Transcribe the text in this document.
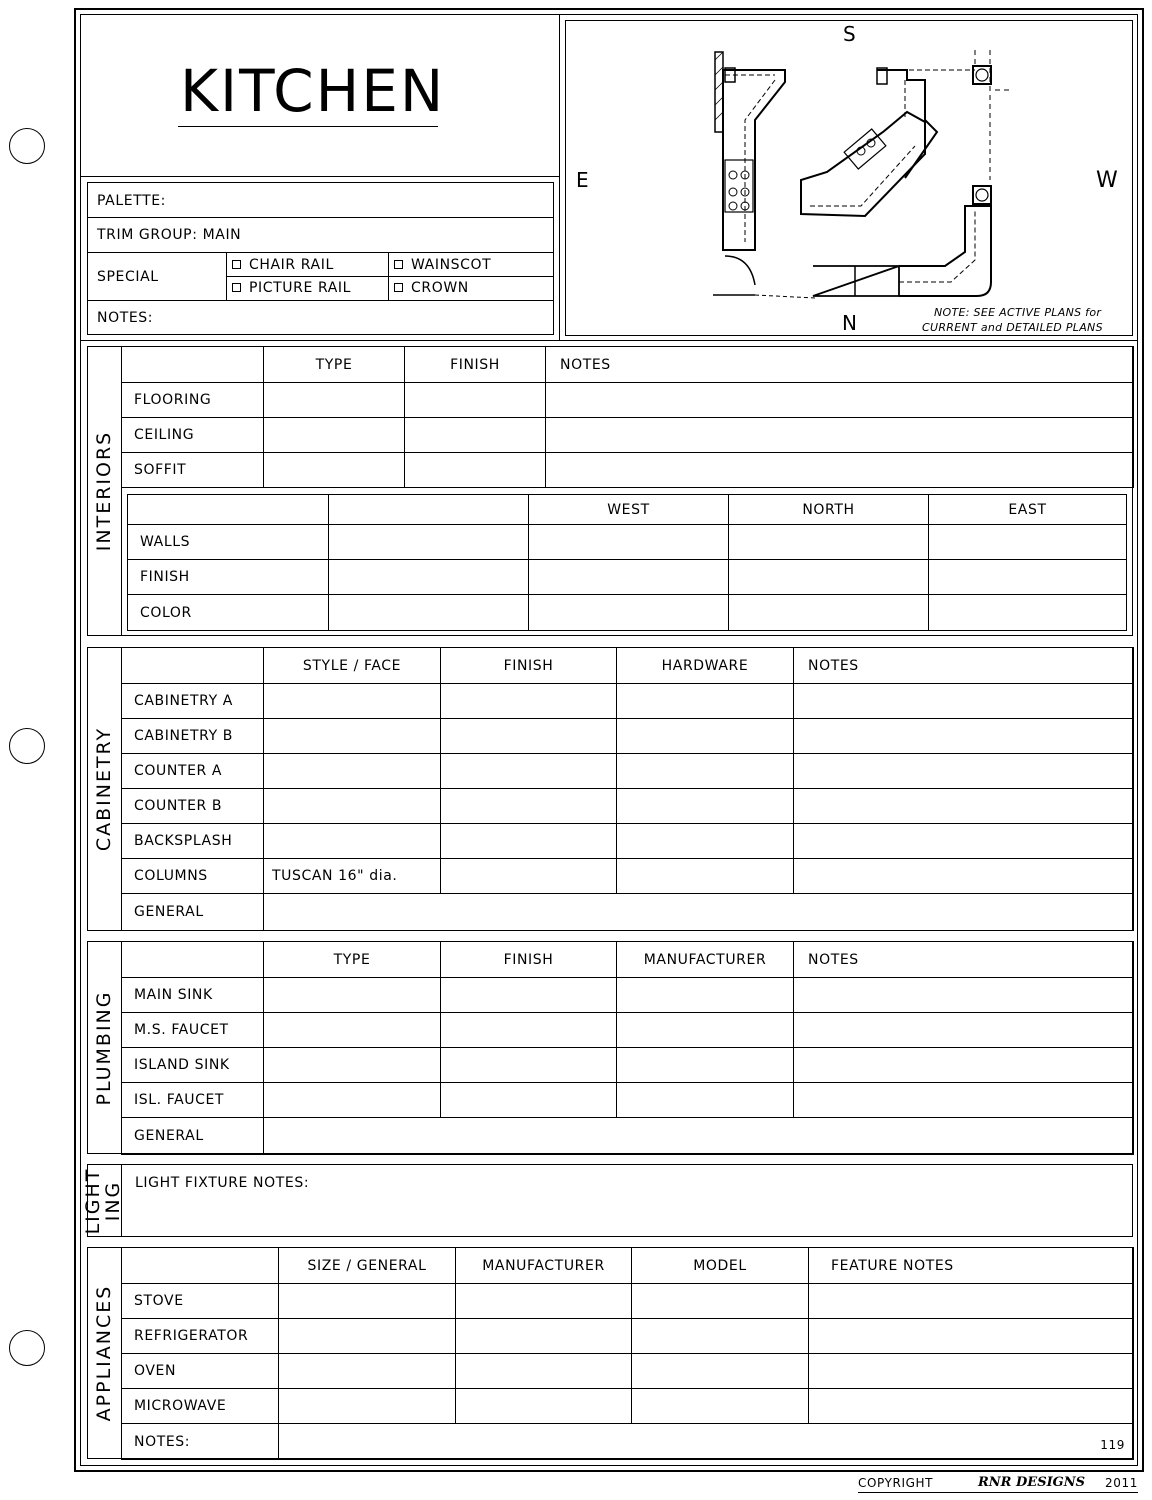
KITCHEN
PALETTE:
TRIM GROUP: MAIN
SPECIAL
CHAIR RAIL	WAINSCOT
PICTURE RAIL	CROWN
NOTES:
S
E	W
N	NOTE: SEE ACTIVE PLANS for
CURRENT and DETAILED PLANS
INTERIORS
	TYPE	FINISH	NOTES
FLOORING			
CEILING			
SOFFIT			
		WEST	NORTH	EAST
WALLS				
FINISH				
COLOR				
CABINETRY
	STYLE / FACE	FINISH	HARDWARE	NOTES
CABINETRY A				
CABINETRY B				
COUNTER A				
COUNTER B				
BACKSPLASH				
COLUMNS	TUSCAN 16" dia.			
GENERAL				
PLUMBING
	TYPE	FINISH	MANUFACTURER	NOTES
MAIN SINK				
M.S. FAUCET				
ISLAND SINK				
ISL. FAUCET				
GENERAL				
LIGHT
ING LIGHT FIXTURE NOTES:
APPLIANCES
	SIZE / GENERAL	MANUFACTURER	MODEL	FEATURE NOTES
STOVE				
REFRIGERATOR				
OVEN				
MICROWAVE				
NOTES:	119			
COPYRIGHT	RNR DESIGNS 2011
